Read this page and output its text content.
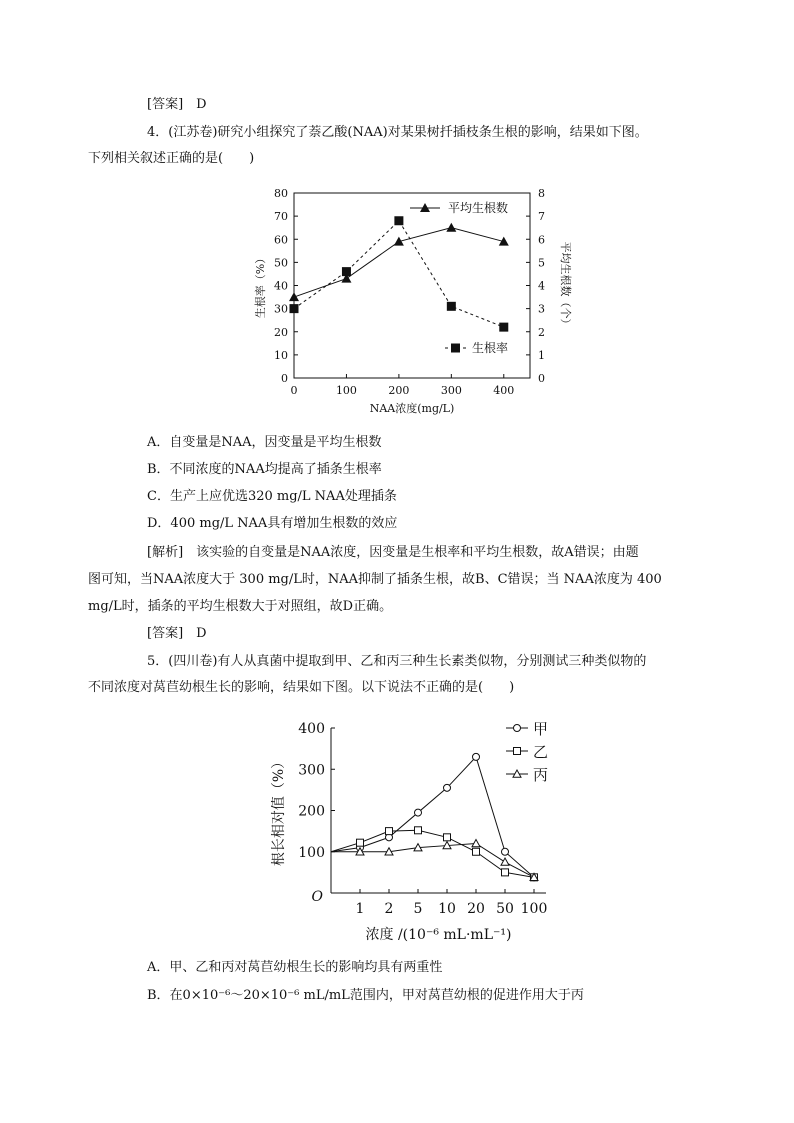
[答案]　D
4．(江苏卷)研究小组探究了萘乙酸(NAA)对某果树扦插枝条生根的影响，结果如下图。
下列相关叙述正确的是(　　)
0
10
20
30
40
50
60
70
80
0
1
2
3
4
5
6
7
8
0	100	200	300	400
NAA浓度(mg/L)
生根率（%）	平均生根数（个）
平均生根数
生根率
A．自变量是NAA，因变量是平均生根数
B．不同浓度的NAA均提高了插条生根率
C．生产上应优选320 mg/L NAA处理插条
D．400 mg/L NAA具有增加生根数的效应
[解析]　该实验的自变量是NAA浓度，因变量是生根率和平均生根数，故A错误；由题
图可知，当NAA浓度大于 300 mg/L时，NAA抑制了插条生根，故B、C错误；当 NAA浓度为 400
mg/L时，插条的平均生根数大于对照组，故D正确。
[答案]　D
5．(四川卷)有人从真菌中提取到甲、乙和丙三种生长素类似物，分别测试三种类似物的
不同浓度对莴苣幼根生长的影响，结果如下图。以下说法不正确的是(　　)
100
200
300
400
O
1 2 5 10 20 50 100
浓度 /(10⁻⁶ mL·mL⁻¹)
根长相对值（%）
甲
乙
丙
A．甲、乙和丙对莴苣幼根生长的影响均具有两重性
B．在0×10⁻⁶～20×10⁻⁶ mL/mL范围内，甲对莴苣幼根的促进作用大于丙
